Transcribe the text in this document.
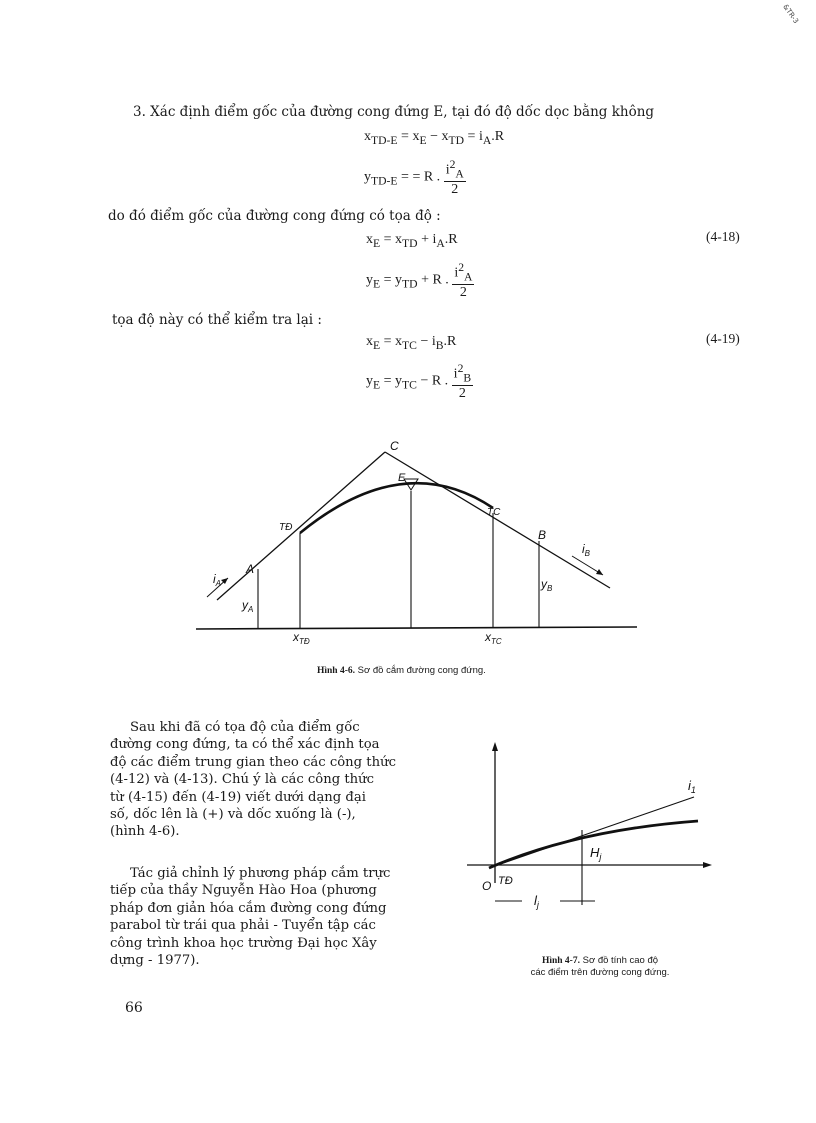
&TR-3
3. Xác định điểm gốc của đường cong đứng E, tại đó độ dốc dọc bằng không
$x_{TD-E} = x_E - x_{TD} = i_A.R$
$y_{TD-E}$ = = R . $\frac{i^2_A}{2}$
do đó điểm gốc của đường cong đứng có tọa độ :
$x_E = x_{TD} + i_A.R$	(4-18)
$y_E = y_{TD} + R$ . $\frac{i^2_A}{2}$
tọa độ này có thể kiểm tra lại :
$x_E = x_{TC} - i_B.R$	(4-19)
$y_E = y_{TC} - R$ . $\frac{i^2_B}{2}$
C
E
TĐ
TC
A
B
$i_A$
$i_B$
$y_A$
$y_B$
$x_{TĐ}$	$x_{TC}$
Hình 4-6. Sơ đồ cắm đường cong đứng.

Sau khi đã có tọa độ của điểm gốc

đường cong đứng, ta có thể xác định tọa

độ các điểm trung gian theo các công thức

(4-12) và (4-13). Chú ý là các công thức

từ (4-15) đến (4-19) viết dưới dạng đại

số, dốc lên là (+) và dốc xuống là (-),

(hình 4-6).

Tác giả chỉnh lý phương pháp cắm trực

tiếp của thầy Nguyễn Hào Hoa (phương

pháp đơn giản hóa cắm đường cong đứng

parabol từ trái qua phải - Tuyển tập các

công trình khoa học trường Đại học Xây

dựng - 1977).

$i_1$
$H_j$
O TĐ
$l_j$
Hình 4-7. Sơ đồ tính cao độ
các điểm trên đường cong đứng.
66
